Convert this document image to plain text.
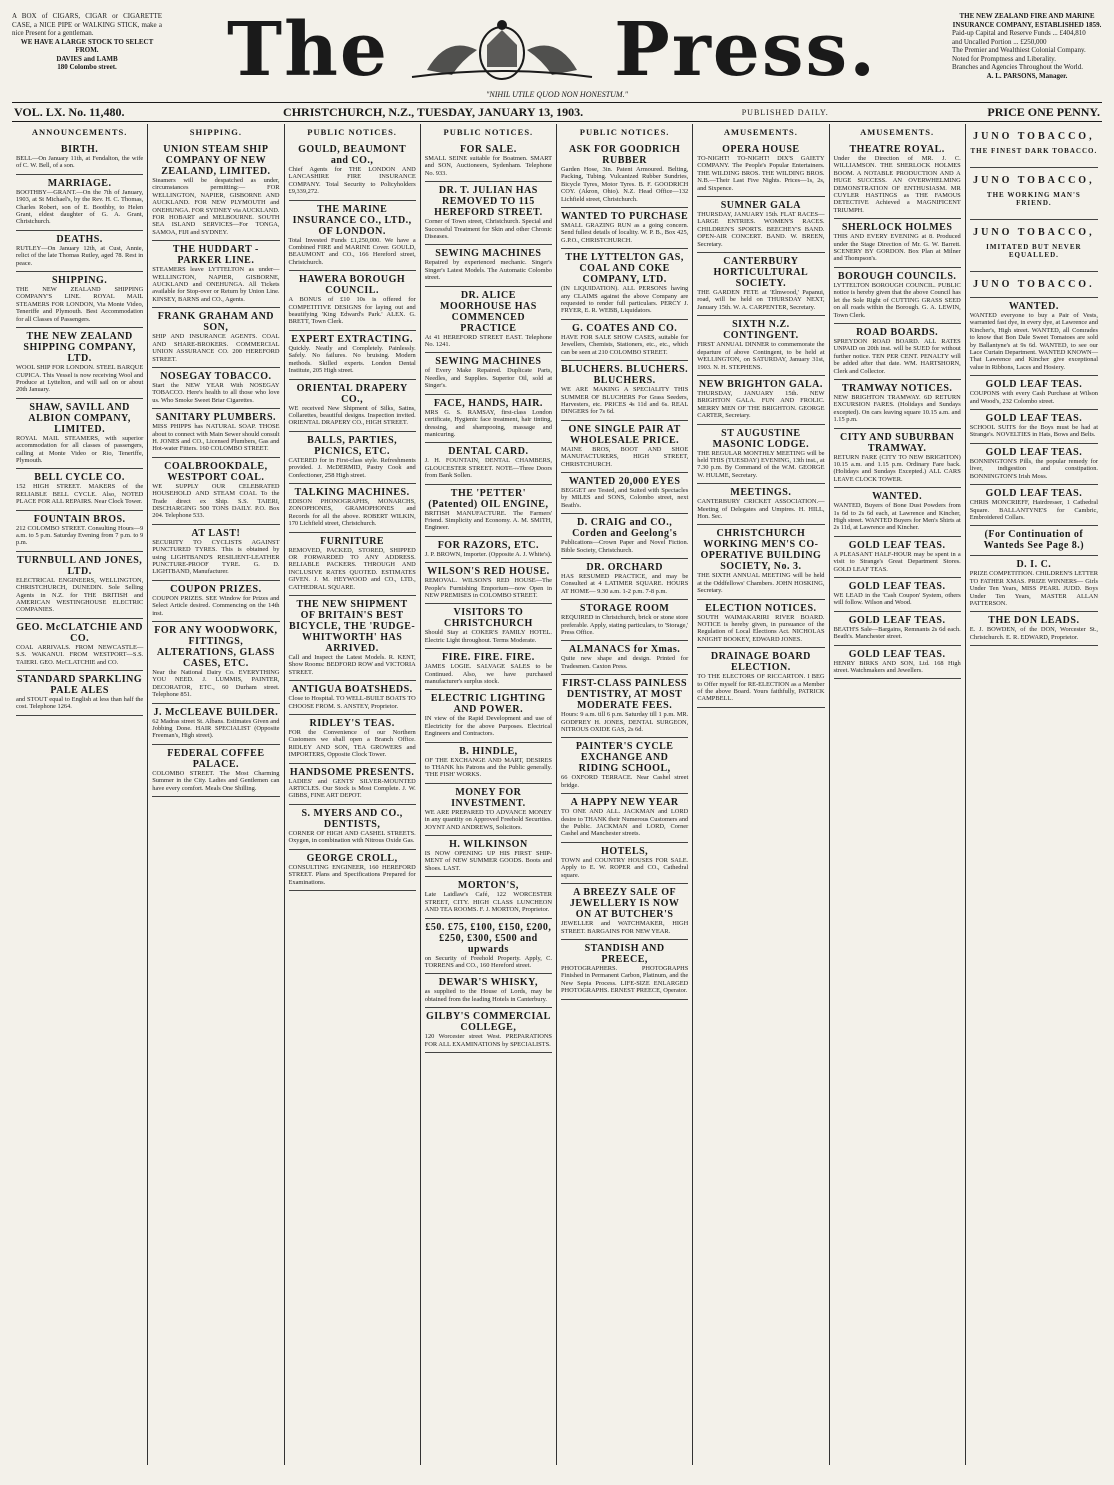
A BOX of CIGARS, CIGAR or CIGARETTE CASE, a NICE PIPE or WALKING STICK, make a nice Present for a gentleman.
WE HAVE A LARGE STOCK TO SELECT FROM.
DAVIES and LAMB
180 Colombo street.	The	Press.
"NIHIL UTILE QUOD NON HONESTUM."
THE NEW ZEALAND FIRE AND MARINE INSURANCE COMPANY, ESTABLISHED 1859.
Paid-up Capital and Reserve Funds ... £404,810
and Uncalled Portion ... £250,000
The Premier and Wealthiest Colonial Company.
Noted for Promptness and Liberality.
Branches and Agencies Throughout the World.

A. L. PARSONS, Manager.
VOL. LX. No. 11,480.	CHRISTCHURCH, N.Z., TUESDAY, JANUARY 13, 1903.	PUBLISHED DAILY.	PRICE ONE PENNY.
ANNOUNCEMENTS.
BIRTH.
BELL—On January 11th, at Fendalton, the wife of C. W. Bell, of a son.
MARRIAGE.
BOOTHBY—GRANT.—On the 7th of January, 1903, at St Michael's, by the Rev. H. C. Thomas, Charles Robert, son of E. Boothby, to Helen Grant, eldest daughter of G. A. Grant, Christchurch.
DEATHS.
RUTLEY—On January 12th, at Cust, Annie, relict of the late Thomas Rutley, aged 78. Rest in peace.
SHIPPING.
THE NEW ZEALAND SHIPPING COMPANY'S LINE. ROYAL MAIL STEAMERS FOR LONDON, Via Monte Video, Teneriffe and Plymouth. Best Accommodation for all Classes of Passengers.
THE NEW ZEALAND SHIPPING COMPANY, LTD.
WOOL SHIP FOR LONDON. STEEL BARQUE CUPICA. This Vessel is now receiving Wool and Produce at Lyttelton, and will sail on or about 20th January.
SHAW, SAVILL AND ALBION COMPANY, LIMITED.
ROYAL MAIL STEAMERS, with superior accommodation for all classes of passengers, calling at Monte Video or Rio, Teneriffe, Plymouth.
BELL CYCLE CO.
152 HIGH STREET. MAKERS of the RELIABLE BELL CYCLE. Also, NOTED PLACE FOR ALL REPAIRS. Near Clock Tower.
FOUNTAIN BROS.
212 COLOMBO STREET. Consulting Hours—9 a.m. to 5 p.m. Saturday Evening from 7 p.m. to 9 p.m.
TURNBULL AND JONES, LTD.
ELECTRICAL ENGINEERS, WELLINGTON, CHRISTCHURCH, DUNEDIN. Sole Selling Agents in N.Z. for THE BRITISH and AMERICAN WESTINGHOUSE ELECTRIC COMPANIES.
GEO. McCLATCHIE AND CO.
COAL ARRIVALS. FROM NEWCASTLE—S.S. WAKANUI. FROM WESTPORT—S.S. TAIERI. GEO. McCLATCHIE and CO.
STANDARD SPARKLING PALE ALES
and STOUT equal to English at less than half the cost. Telephone 1264.
SHIPPING.
UNION STEAM SHIP COMPANY OF NEW ZEALAND, LIMITED.
Steamers will be despatched as under, circumstances permitting:— FOR WELLINGTON, NAPIER, GISBORNE AND AUCKLAND. FOR NEW PLYMOUTH and ONEHUNGA. FOR SYDNEY via AUCKLAND. FOR HOBART and MELBOURNE. SOUTH SEA ISLAND SERVICES—For TONGA, SAMOA, FIJI and SYDNEY.
THE HUDDART - PARKER LINE.
STEAMERS leave LYTTELTON as under— WELLINGTON, NAPIER, GISBORNE, AUCKLAND and ONEHUNGA. All Tickets available for Stop-over or Return by Union Line. KINSEY, BARNS and CO., Agents.
FRANK GRAHAM AND SON,
SHIP AND INSURANCE AGENTS. COAL AND SHARE-BROKERS. COMMERCIAL UNION ASSURANCE CO. 200 HEREFORD STREET.
NOSEGAY TOBACCO.
Start the NEW YEAR With NOSEGAY TOBACCO. Here's health to all those who love us. Who Smoke Sweet Briar Cigarettes.
SANITARY PLUMBERS.
MISS PHIPPS has NATURAL SOAP. THOSE about to connect with Main Sewer should consult H. JONES and CO., Licensed Plumbers, Gas and Hot-water Fitters. 160 COLOMBO STREET.
COALBROOKDALE, WESTPORT COAL.
WE SUPPLY OUR CELEBRATED HOUSEHOLD AND STEAM COAL To the Trade direct ex Ship. S.S. TAIERI, DISCHARGING 500 TONS DAILY. P.O. Box 204. Telephone 533.
AT LAST!
SECURITY TO CYCLISTS AGAINST PUNCTURED TYRES. This is obtained by using LIGHTBAND'S RESILIENT-LEATHER PUNCTURE-PROOF TYRE. G. D. LIGHTBAND, Manufacturer.
COUPON PRIZES.
COUPON PRIZES. SEE Window for Prizes and Select Article desired. Commencing on the 14th inst.
FOR ANY WOODWORK, FITTINGS, ALTERATIONS, GLASS CASES, ETC.
Near the National Dairy Co. EVERYTHING YOU NEED. J. LUMMIS, PAINTER, DECORATOR, ETC., 60 Durham street. Telephone 851.
J. McCLEAVE BUILDER.
62 Madras street St. Albans. Estimates Given and Jobbing Done. HAIR SPECIALIST (Opposite Freeman's, High street).
FEDERAL COFFEE PALACE.
COLOMBO STREET. The Most Charming Summer in the City. Ladies and Gentlemen can have every comfort. Meals One Shilling.
PUBLIC NOTICES.
GOULD, BEAUMONT and CO.,
Chief Agents for THE LONDON AND LANCASHIRE FIRE INSURANCE COMPANY. Total Security to Policyholders £9,339,272.
THE MARINE INSURANCE CO., LTD., OF LONDON.
Total Invested Funds £1,250,000. We have a Combined FIRE and MARINE Cover. GOULD, BEAUMONT and CO., 166 Hereford street, Christchurch.
HAWERA BOROUGH COUNCIL.
A BONUS of £10 10s is offered for COMPETITIVE DESIGNS for laying out and beautifying 'King Edward's Park.' ALEX. G. BRETT, Town Clerk.
EXPERT EXTRACTING.
Quickly. Neatly and Completely. Painlessly. Safely. No failures. No bruising. Modern methods. Skilled experts. London Dental Institute, 205 High street.
ORIENTAL DRAPERY CO.,
WE received New Shipment of Silks, Satins, Collarettes, beautiful designs. Inspection invited. ORIENTAL DRAPERY CO., HIGH STREET.
BALLS, PARTIES, PICNICS, ETC.
CATERED for in First-class style. Refreshments provided. J. McDERMID, Pastry Cook and Confectioner, 258 High street.
TALKING MACHINES.
EDISON PHONOGRAPHS, MONARCHS, ZONOPHONES, GRAMOPHONES and Records for all the above. ROBERT WILKIN, 170 Lichfield street, Christchurch.
FURNITURE
REMOVED, PACKED, STORED, SHIPPED OR FORWARDED TO ANY ADDRESS. RELIABLE PACKERS. THROUGH AND INCLUSIVE RATES QUOTED. ESTIMATES GIVEN. J. M. HEYWOOD and CO., LTD., CATHEDRAL SQUARE.
THE NEW SHIPMENT OF BRITAIN'S BEST BICYCLE, THE 'RUDGE-WHITWORTH' HAS ARRIVED.
Call and Inspect the Latest Models. R. KENT, Show Rooms: BEDFORD ROW and VICTORIA STREET.
ANTIGUA BOATSHEDS.
Close to Hospital. TO WELL-BUILT BOATS TO CHOOSE FROM. S. ANSTEY, Proprietor.
RIDLEY'S TEAS.
FOR the Convenience of our Northern Customers we shall open a Branch Office. RIDLEY AND SON, TEA GROWERS and IMPORTERS, Opposite Clock Tower.
HANDSOME PRESENTS.
LADIES' and GENTS' SILVER-MOUNTED ARTICLES. Our Stock is Most Complete. J. W. GIBBS, FINE ART DEPOT.
S. MYERS AND CO., DENTISTS,
CORNER OF HIGH AND CASHEL STREETS. Oxygen, in combination with Nitrous Oxide Gas.
GEORGE CROLL,
CONSULTING ENGINEER, 160 HEREFORD STREET. Plans and Specifications Prepared for Examinations.
PUBLIC NOTICES.
FOR SALE.
SMALL SEINE suitable for Boatmen. SMART and SON, Auctioneers, Sydenham. Telephone No. 933.
DR. T. JULIAN HAS REMOVED TO 115 HEREFORD STREET.
Corner of Town street, Christchurch. Special and Successful Treatment for Skin and other Chronic Diseases.
SEWING MACHINES
Repaired by experienced mechanic. Singer's Singer's Latest Models. The Automatic Colombo street.
DR. ALICE MOORHOUSE HAS COMMENCED PRACTICE
At 41 HEREFORD STREET EAST. Telephone No. 1241.
SEWING MACHINES
of Every Make Repaired. Duplicate Parts, Needles, and Supplies. Superior Oil, sold at Singer's.
FACE, HANDS, HAIR.
MRS G. S. RAMSAY, first-class London certificate, Hygienic face treatment, hair tinting, dressing, and shampooing, massage and manicuring.
DENTAL CARD.
J. H. FOUNTAIN, DENTAL CHAMBERS, GLOUCESTER STREET. NOTE—Three Doors from Bank Sollen.
THE 'PETTER' (Patented) OIL ENGINE,
BRITISH MANUFACTURE. The Farmers' Friend. Simplicity and Economy. A. M. SMITH, Engineer.
FOR RAZORS, ETC.
J. P. BROWN, Importer. (Opposite A. J. White's).
WILSON'S RED HOUSE.
REMOVAL. WILSON'S RED HOUSE—The People's Furnishing Emporium—now Open in NEW PREMISES in COLOMBO STREET.
VISITORS TO CHRISTCHURCH
Should Stay at COKER'S FAMILY HOTEL. Electric Light throughout. Terms Moderate.
FIRE. FIRE. FIRE.
JAMES LOGIE. SALVAGE SALES to be Continued. Also, we have purchased manufacturer's surplus stock.
ELECTRIC LIGHTING AND POWER.
IN view of the Rapid Development and use of Electricity for the above Purposes. Electrical Engineers and Contractors.
B. HINDLE,
OF THE EXCHANGE AND MART, DESIRES to THANK his Patrons and the Public generally. 'THE FISH' WORKS.
MONEY FOR INVESTMENT.
WE ARE PREPARED TO ADVANCE MONEY in any quantity on Approved Freehold Securities. JOYNT AND ANDREWS, Solicitors.
H. WILKINSON
IS NOW OPENING UP HIS FIRST SHIP-MENT of NEW SUMMER GOODS. Boots and Shoes. LAST.
MORTON'S,
Late Laidlaw's Café, 122 WORCESTER STREET, CITY. HIGH CLASS LUNCHEON AND TEA ROOMS. F. J. MORTON, Proprietor.
£50. £75, £100, £150, £200, £250, £300, £500 and upwards
on Security of Freehold Property. Apply, C. TORRENS and CO., 160 Hereford street.
DEWAR'S WHISKY,
as supplied to the House of Lords, may be obtained from the leading Hotels in Canterbury.
GILBY'S COMMERCIAL COLLEGE,
120 Worcester street West. PREPARATIONS FOR ALL EXAMINATIONS by SPECIALISTS.
PUBLIC NOTICES.
ASK FOR GOODRICH RUBBER
Garden Hose, 3in. Patent Armoured. Belting, Packing, Tubing. Vulcanized Rubber Sundries, Bicycle Tyres, Motor Tyres. B. F. GOODRICH COY. (Akron, Ohio). N.Z. Head Office—132 Lichfield street, Christchurch.
WANTED TO PURCHASE
SMALL GRAZING RUN as a going concern. Send fullest details of locality. W. P. B., Box 425, G.P.O., CHRISTCHURCH.
THE LYTTELTON GAS, COAL AND COKE COMPANY, LTD.
(IN LIQUIDATION). ALL PERSONS having any CLAIMS against the above Company are requested to render full particulars. PERCY J. FRYER, E. R. WEBB, Liquidators.
G. COATES AND CO.
HAVE FOR SALE SHOW CASES, suitable for Jewellers, Chemists, Stationers, etc., etc., which can be seen at 210 COLOMBO STREET.
BLUCHERS. BLUCHERS. BLUCHERS.
WE ARE MAKING A SPECIALITY THIS SUMMER OF BLUCHERS For Grass Seeders, Harvesters, etc. PRICES 4s 11d and 6s. REAL DINGERS for 7s 6d.
ONE SINGLE PAIR AT WHOLESALE PRICE.
MAINE BROS, BOOT AND SHOE MANUFACTURERS, HIGH STREET, CHRISTCHURCH.
WANTED 20,000 EYES
BEGGET are Tested, and Suited with Spectacles by MILES and SONS, Colombo street, next Beath's.
D. CRAIG and CO., Corden and Geelong's
Publications—Crown Paper and Novel Fiction. Bible Society, Christchurch.
DR. ORCHARD
HAS RESUMED PRACTICE, and may be Consulted at 4 LATIMER SQUARE. HOURS AT HOME— 9.30 a.m. 1-2 p.m. 7-8 p.m.
STORAGE ROOM
REQUIRED in Christchurch, brick or stone store preferable. Apply, stating particulars, to 'Storage,' Press Office.
ALMANACS for Xmas.
Quite new shape and design. Printed for Tradesmen. Caxton Press.
FIRST-CLASS PAINLESS DENTISTRY, AT MOST MODERATE FEES.
Hours: 9 a.m. till 6 p.m. Saturday till 1 p.m. MR. GODFREY H. JONES, DENTAL SURGEON, NITROUS OXIDE GAS, 2s 6d.
PAINTER'S CYCLE EXCHANGE AND RIDING SCHOOL,
66 OXFORD TERRACE. Near Cashel street bridge.
A HAPPY NEW YEAR
TO ONE AND ALL. JACKMAN and LORD desire to THANK their Numerous Customers and the Public. JACKMAN and LORD, Corner Cashel and Manchester streets.
HOTELS,
TOWN and COUNTRY HOUSES FOR SALE. Apply to E. W. ROPER and CO., Cathedral square.
A BREEZY SALE OF JEWELLERY IS NOW ON AT BUTCHER'S
JEWELLER and WATCHMAKER, HIGH STREET. BARGAINS FOR NEW YEAR.
STANDISH AND PREECE,
PHOTOGRAPHERS. PHOTOGRAPHS Finished in Permanent Carbon, Platinum, and the New Sepia Process. LIFE-SIZE ENLARGED PHOTOGRAPHS. ERNEST PREECE, Operator.
AMUSEMENTS.
OPERA HOUSE
TO-NIGHT! TO-NIGHT! DIX'S GAIETY COMPANY. The People's Popular Entertainers. THE WILDING BROS. THE WILDING BROS. N.B.—Their Last Five Nights. Prices—1s, 2s, and Sixpence.
SUMNER GALA
THURSDAY, JANUARY 15th. FLAT RACES—LARGE ENTRIES. WOMEN'S RACES. CHILDREN'S SPORTS. BEECHEY'S BAND. OPEN-AIR CONCERT. BAND. W. BREEN, Secretary.
CANTERBURY HORTICULTURAL SOCIETY.
THE GARDEN FETE at 'Elmwood,' Papanui, road, will be held on THURSDAY NEXT, January 15th. W. A. CARPENTER, Secretary.
SIXTH N.Z. CONTINGENT.
FIRST ANNUAL DINNER to commemorate the departure of above Contingent, to be held at WELLINGTON, on SATURDAY, January 31st, 1903. N. H. STEPHENS.
NEW BRIGHTON GALA.
THURSDAY, JANUARY 15th. NEW BRIGHTON GALA. FUN AND FROLIC. MERRY MEN OF THE BRIGHTON. GEORGE CARTER, Secretary.
ST AUGUSTINE MASONIC LODGE.
THE REGULAR MONTHLY MEETING will be held THIS (TUESDAY) EVENING, 13th inst., at 7.30 p.m. By Command of the W.M. GEORGE W. HULME, Secretary.
MEETINGS.
CANTERBURY CRICKET ASSOCIATION.—Meeting of Delegates and Umpires. H. HILL, Hon. Sec.
CHRISTCHURCH WORKING MEN'S CO-OPERATIVE BUILDING SOCIETY, No. 3.
THE SIXTH ANNUAL MEETING will be held at the Oddfellows' Chambers. JOHN HOSKING, Secretary.
ELECTION NOTICES.
SOUTH WAIMAKARIRI RIVER BOARD. NOTICE is hereby given, in pursuance of the Regulation of Local Elections Act. NICHOLAS KNIGHT BOOKEY, EDWARD JONES.
DRAINAGE BOARD ELECTION.
TO THE ELECTORS OF RICCARTON. I BEG to Offer myself for RE-ELECTION as a Member of the above Board. Yours faithfully, PATRICK CAMPBELL.
AMUSEMENTS.
THEATRE ROYAL.
Under the Direction of MR. J. C. WILLIAMSON. THE SHERLOCK HOLMES BOOM. A NOTABLE PRODUCTION AND A HUGE SUCCESS. AN OVERWHELMING DEMONSTRATION OF ENTHUSIASM. MR CUYLER HASTINGS as THE FAMOUS DETECTIVE Achieved a MAGNIFICENT TRIUMPH.
SHERLOCK HOLMES
THIS AND EVERY EVENING at 8. Produced under the Stage Direction of Mr. G. W. Barrett. SCENERY BY GORDON. Box Plan at Milner and Thompson's.
BOROUGH COUNCILS.
LYTTELTON BOROUGH COUNCIL. PUBLIC notice is hereby given that the above Council has let the Sole Right of CUTTING GRASS SEED on all roads within the Borough. G. A. LEWIN, Town Clerk.
ROAD BOARDS.
SPREYDON ROAD BOARD. ALL RATES UNPAID on 20th inst. will be SUED for without further notice. TEN PER CENT. PENALTY will be added after that date. WM. HARTSHORN, Clerk and Collector.
TRAMWAY NOTICES.
NEW BRIGHTON TRAMWAY. 6D RETURN EXCURSION FARES. (Holidays and Sundays excepted). On cars leaving square 10.15 a.m. and 1.15 p.m.
CITY AND SUBURBAN TRAMWAY.
RETURN FARE (CITY TO NEW BRIGHTON) 10.15 a.m. and 1.15 p.m. Ordinary Fare back. (Holidays and Sundays Excepted.) ALL CARS LEAVE CLOCK TOWER.
WANTED.
WANTED, Buyers of Bone Dust Powders from 1s 6d to 2s 6d each, at Lawrence and Kincher, High street. WANTED Buyers for Men's Shirts at 2s 11d, at Lawrence and Kincher.
GOLD LEAF TEAS.
A PLEASANT HALF-HOUR may be spent in a visit to Strange's Great Department Stores. GOLD LEAF TEAS.
GOLD LEAF TEAS.
WE LEAD in the 'Cash Coupon' System, others will follow. Wilson and Wood.
GOLD LEAF TEAS.
BEATH'S Sale—Bargains, Remnants 2s 6d each. Beath's. Manchester street.
GOLD LEAF TEAS.
HENRY BIRKS AND SON, Ltd. 168 High street. Watchmakers and Jewellers.
JUNO TOBACCO,
THE FINEST DARK TOBACCO.
JUNO TOBACCO,
THE WORKING MAN'S FRIEND.
JUNO TOBACCO,
IMITATED BUT NEVER EQUALLED.
JUNO TOBACCO.
WANTED.
WANTED everyone to buy a Pair of Vests, warranted fast dye, in every dye, at Lawrence and Kincher's, High street. WANTED, all Comrades to know that Bon Dale Sweet Tomatoes are sold by Ballantyne's at 9s 6d. WANTED, to see our Lace Curtain Department. WANTED KNOWN—That Lawrence and Kincher give exceptional value in Ribbons, Laces and Hosiery.
GOLD LEAF TEAS.
COUPONS with every Cash Purchase at Wilson and Wood's, 232 Colombo street.
GOLD LEAF TEAS.
SCHOOL SUITS for the Boys must be had at Strange's. NOVELTIES in Hats, Bows and Belts.
GOLD LEAF TEAS.
BONNINGTON'S Pills, the popular remedy for liver, indigestion and constipation. BONNINGTON'S Irish Moss.
GOLD LEAF TEAS.
CHRIS MONCRIEFF, Hairdresser, 1 Cathedral Square. BALLANTYNE'S for Cambric, Embroidered Collars.
(For Continuation of Wanteds See Page 8.)
D. I. C.
PRIZE COMPETITION. CHILDREN'S LETTER TO FATHER XMAS. PRIZE WINNERS— Girls Under Ten Years, MISS PEARL JUDD. Boys Under Ten Years, MASTER ALLAN PATTERSON.
THE DON LEADS.
E. J. BOWDEN, of the DON, Worcester St., Christchurch. E. R. EDWARD, Proprietor.
